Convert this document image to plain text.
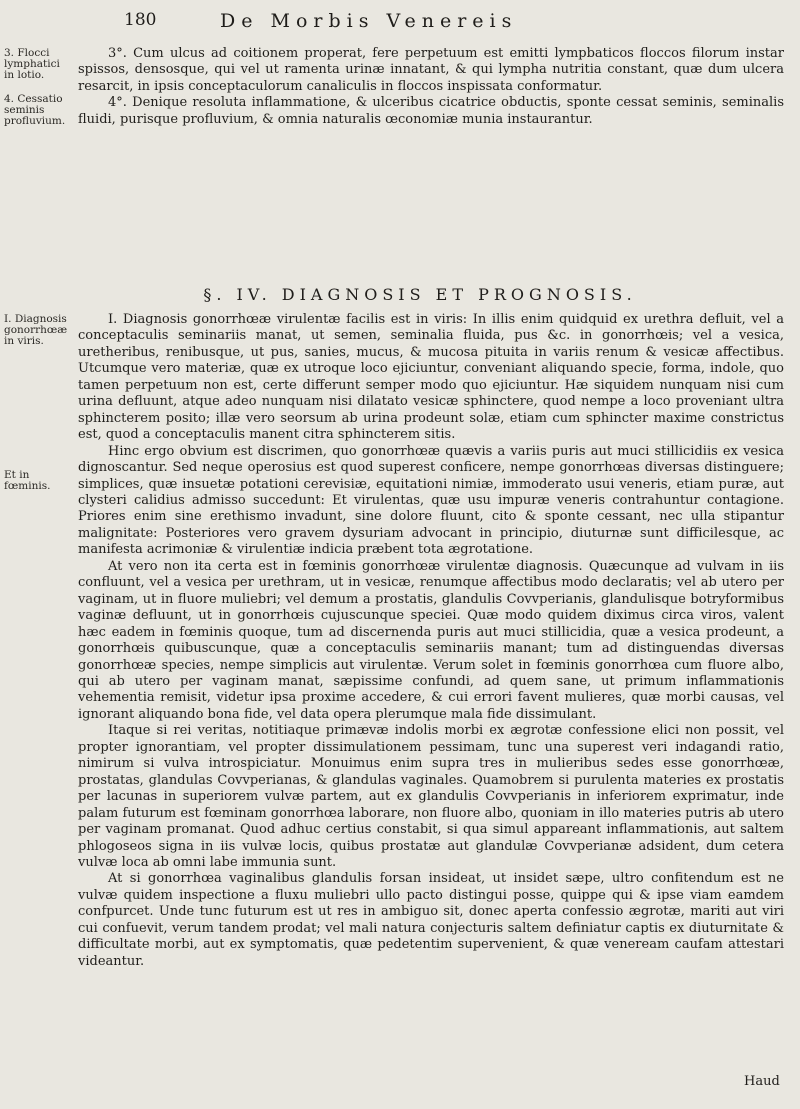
180	De Morbis Venereis
3. Flocci lymphatici in lotio.
4. Cessatio seminis profluvium.
I. Diagnosis gonorrhœæ in viris.
Et in fœminis.

3°. Cum ulcus ad coitionem properat, fere perpetuum est emitti lympbaticos floccos filorum instar spissos, densosque, qui vel ut ramenta urinæ innatant, & qui lympha nutritia constant, quæ dum ulcera resarcit, in ipsis conceptaculorum canaliculis in floccos inspissata conformatur.

4°. Denique resoluta inflammatione, & ulceribus cicatrice obductis, sponte cessat seminis, seminalis fluidi, purisque profluvium, & omnia naturalis œconomiæ munia instaurantur.

§. IV. DIAGNOSIS ET PROGNOSIS.

I. Diagnosis gonorrhœæ virulentæ facilis est in viris: In illis enim quidquid ex urethra defluit, vel a conceptaculis seminariis manat, ut semen, seminalia fluida, pus &c. in gonorrhœis; vel a vesica, uretheribus, renibusque, ut pus, sanies, mucus, & mucosa pituita in variis renum & vesicæ affectibus. Utcumque vero materiæ, quæ ex utroque loco ejiciuntur, conveniant aliquando specie, forma, indole, quo tamen perpetuum non est, certe differunt semper modo quo ejiciuntur. Hæ siquidem nunquam nisi cum urina defluunt, atque adeo nunquam nisi dilatato vesicæ sphinctere, quod nempe a loco proveniant ultra sphincterem posito; illæ vero seorsum ab urina prodeunt solæ, etiam cum sphincter maxime constrictus est, quod a conceptaculis manent citra sphincterem sitis.

Hinc ergo obvium est discrimen, quo gonorrhœæ quævis a variis puris aut muci stillicidiis ex vesica dignoscantur. Sed neque operosius est quod superest conficere, nempe gonorrhœas diversas distinguere; simplices, quæ insuetæ potationi cerevisiæ, equitationi nimiæ, immoderato usui veneris, etiam puræ, aut clysteri calidius admisso succedunt: Et virulentas, quæ usu impuræ veneris contrahuntur contagione. Priores enim sine erethismo invadunt, sine dolore fluunt, cito & sponte cessant, nec ulla stipantur malignitate: Posteriores vero gravem dysuriam advocant in principio, diuturnæ sunt difficilesque, ac manifesta acrimoniæ & virulentiæ indicia præbent tota ægrotatione.

At vero non ita certa est in fœminis gonorrhœæ virulentæ diagnosis. Quæcunque ad vulvam in iis confluunt, vel a vesica per urethram, ut in vesicæ, renumque affectibus modo declaratis; vel ab utero per vaginam, ut in fluore muliebri; vel demum a prostatis, glandulis Covvperianis, glandulisque botryformibus vaginæ defluunt, ut in gonorrhœis cujuscunque speciei. Quæ modo quidem diximus circa viros, valent hæc eadem in fœminis quoque, tum ad discernenda puris aut muci stillicidia, quæ a vesica prodeunt, a gonorrhœis quibuscunque, quæ a conceptaculis seminariis manant; tum ad distinguendas diversas gonorrhœæ species, nempe simplicis aut virulentæ. Verum solet in fœminis gonorrhœa cum fluore albo, qui ab utero per vaginam manat, sæpissime confundi, ad quem sane, ut primum inflammationis vehementia remisit, videtur ipsa proxime accedere, & cui errori favent mulieres, quæ morbi causas, vel ignorant aliquando bona fide, vel data opera plerumque mala fide dissimulant.

Itaque si rei veritas, notitiaque primævæ indolis morbi ex ægrotæ confessione elici non possit, vel propter ignorantiam, vel propter dissimulationem pessimam, tunc una superest veri indagandi ratio, nimirum si vulva introspiciatur. Monuimus enim supra tres in mulieribus sedes esse gonorrhœæ, prostatas, glandulas Covvperianas, & glandulas vaginales. Quamobrem si purulenta materies ex prostatis per lacunas in superiorem vulvæ partem, aut ex glandulis Covvperianis in inferiorem exprimatur, inde palam futurum est fœminam gonorrhœa laborare, non fluore albo, quoniam in illo materies putris ab utero per vaginam promanat. Quod adhuc certius constabit, si qua simul appareant inflammationis, aut saltem phlogoseos signa in iis vulvæ locis, quibus prostatæ aut glandulæ Covvperianæ adsident, dum cetera vulvæ loca ab omni labe immunia sunt.

At si gonorrhœa vaginalibus glandulis forsan insideat, ut insidet sæpe, ultro confitendum est ne vulvæ quidem inspectione a fluxu muliebri ullo pacto distingui posse, quippe qui & ipse viam eamdem confpurcet. Unde tunc futurum est ut res in ambiguo sit, donec aperta confessio ægrotæ, mariti aut viri cui confuevit, verum tandem prodat; vel mali natura conjecturis saltem definiatur captis ex diuturnitate & difficultate morbi, aut ex symptomatis, quæ pedetentim supervenient, & quæ veneream caufam attestari videantur.

Haud
